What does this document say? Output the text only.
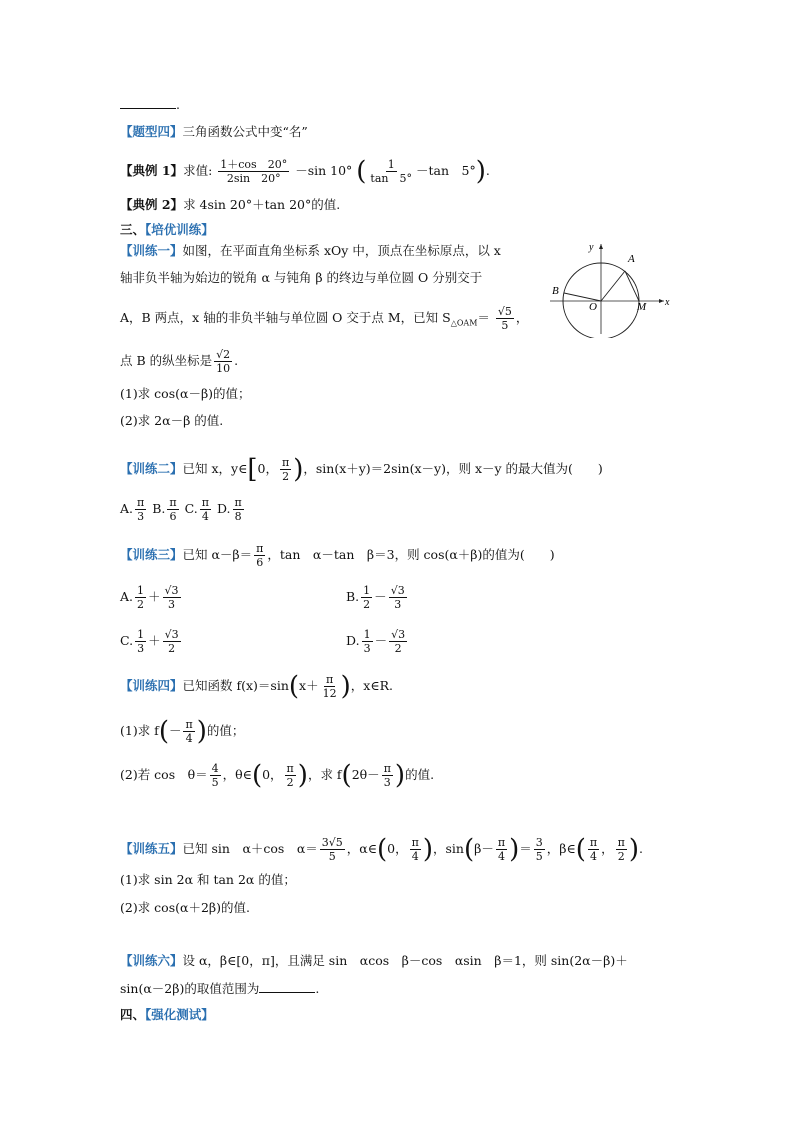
.
【题型四】三角函数公式中变“名”
【典例 1】求值: $\frac{1+\cos 20^\circ}{2\sin 20^\circ} -\sin$ 10° ( $\frac{1}{\tan 5^\circ} -\tan$　5°).
【典例 2】求 4sin 20°＋tan 20°的值.
三、【培优训练】
【训练一】如图，在平面直角坐标系 xOy 中，顶点在坐标原点，以 x
轴非负半轴为始边的锐角 α 与钝角 β 的终边与单位圆 O 分别交于
A，B 两点，x 轴的非负半轴与单位圆 O 交于点 M，已知 $S_{\triangle OAM}= \frac{√5}{5}$ ，
点 B 的纵坐标是 $\frac{√2}{10}$ .
(1)求 cos(α－β)的值；
(2)求 2α－β 的值.
y
x
A
B
O	M
【训练二】已知 x，y∈[0， $\frac{\pi}{2}$ )，sin(x＋y)＝2sin(x－y)，则 x－y 的最大值为(　　)
A. $\frac{\pi}{3} B$. $\frac{\pi}{6} C$. $\frac{\pi}{4} D$. $\frac{\pi}{8}$
【训练三】已知 $\alpha-\beta= \frac{\pi}{6}$ ，tan　α－tan　β＝3，则 cos(α＋β)的值为(　　)
A. $\frac{1}{2} + \frac{√3}{3}$	B. $\frac{1}{2} - \frac{√3}{3}$
C. $\frac{1}{3} + \frac{√3}{2}$	D. $\frac{1}{3} - \frac{√3}{2}$
【训练四】已知函数 $f(x)=\sin(x+ \frac{\pi}{12}$ )，x∈R.
(1)求 $f(- \frac{\pi}{4}$ )的值；
(2)若 cos　$\theta= \frac{4}{5}$ ，θ∈(0， $\frac{\pi}{2}$ )，求 $f(2\theta- \frac{\pi}{3}$ )的值.
【训练五】已知 sin　α＋cos　$\alpha= \frac{3√5}{5}$ ，α∈(0， $\frac{\pi}{4}$ )，$\sin(\beta- \frac{\pi}{4}$ )＝ $\frac{3}{5}$ ，β∈( $\frac{\pi}{4}$ ， $\frac{\pi}{2}$ ).
(1)求 sin 2α 和 tan 2α 的值；
(2)求 cos(α＋2β)的值.
【训练六】设 α，β∈[0，π]，且满足 sin　αcos　β－cos　αsin　β＝1，则 sin(2α－β)＋
sin(α－2β)的取值范围为	.
四、【强化测试】
